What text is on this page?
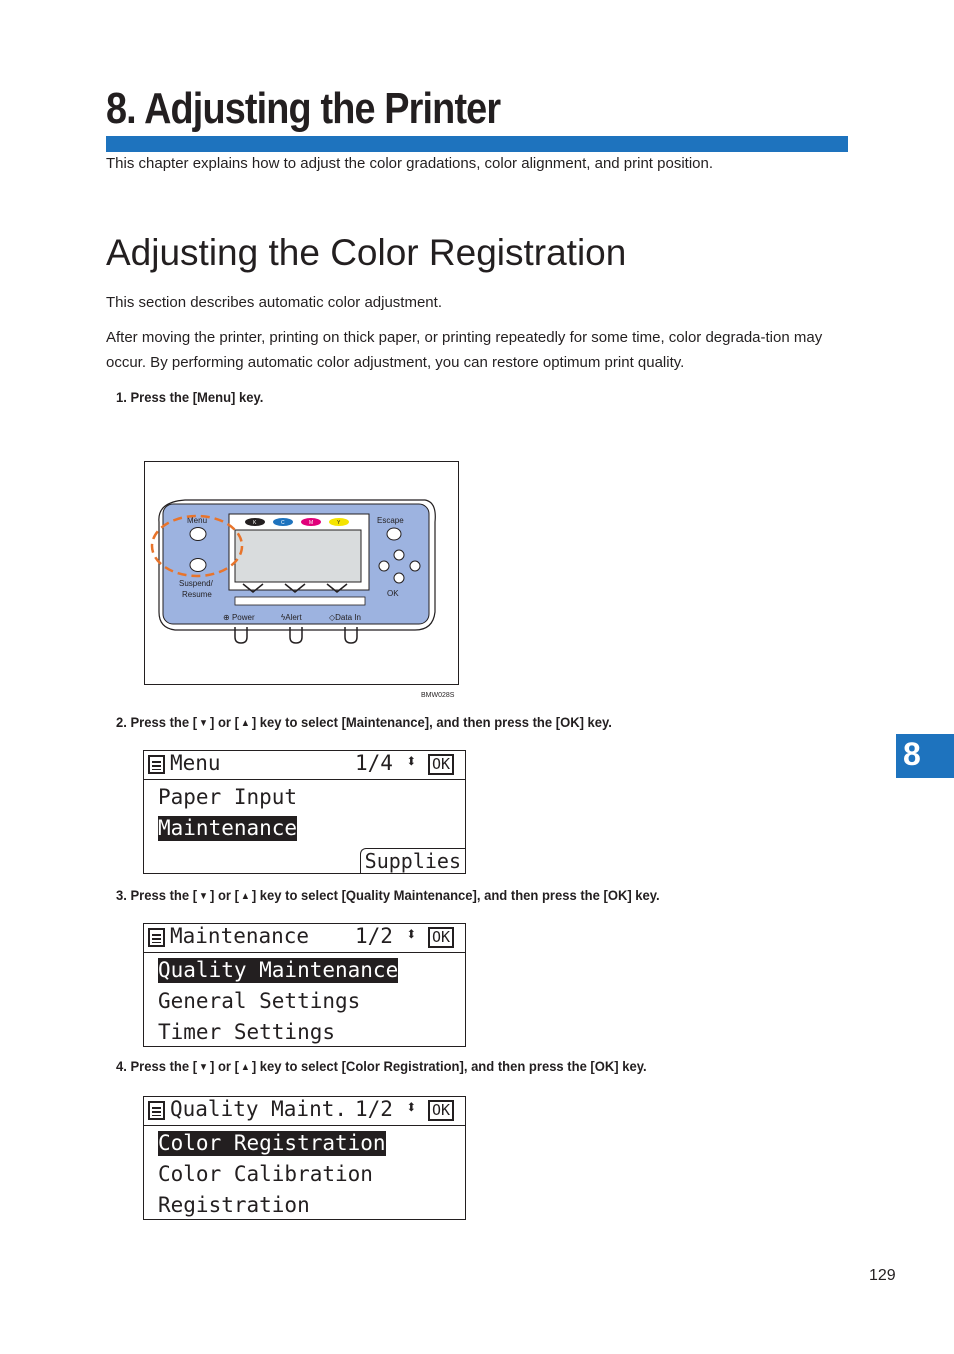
8. Adjusting the Printer
This chapter explains how to adjust the color gradations, color alignment, and print position.
Adjusting the Color Registration
This section describes automatic color adjustment.
After moving the printer, printing on thick paper, or printing repeatedly for some time, color degrada-tion may occur. By performing automatic color adjustment, you can restore optimum print quality.
1. Press the [Menu] key.
K	C	M	Y
Menu
Suspend/
Resume
Escape
OK
⊕ Power	ϟAlert	◇Data In
BMW028S
2. Press the [ ▼ ] or [ ▲ ] key to select [Maintenance], and then press the [OK] key.
Menu	1/4 ⬍ OK
Paper Input
Maintenance
Supplies
3. Press the [ ▼ ] or [ ▲ ] key to select [Quality Maintenance], and then press the [OK] key.
Maintenance 1/2 ⬍ OK
Quality Maintenance
General Settings
Timer Settings
4. Press the [ ▼ ] or [ ▲ ] key to select [Color Registration], and then press the [OK] key.
Quality Maint. 1/2 ⬍ OK
Color Registration
Color Calibration
Registration
8
129
